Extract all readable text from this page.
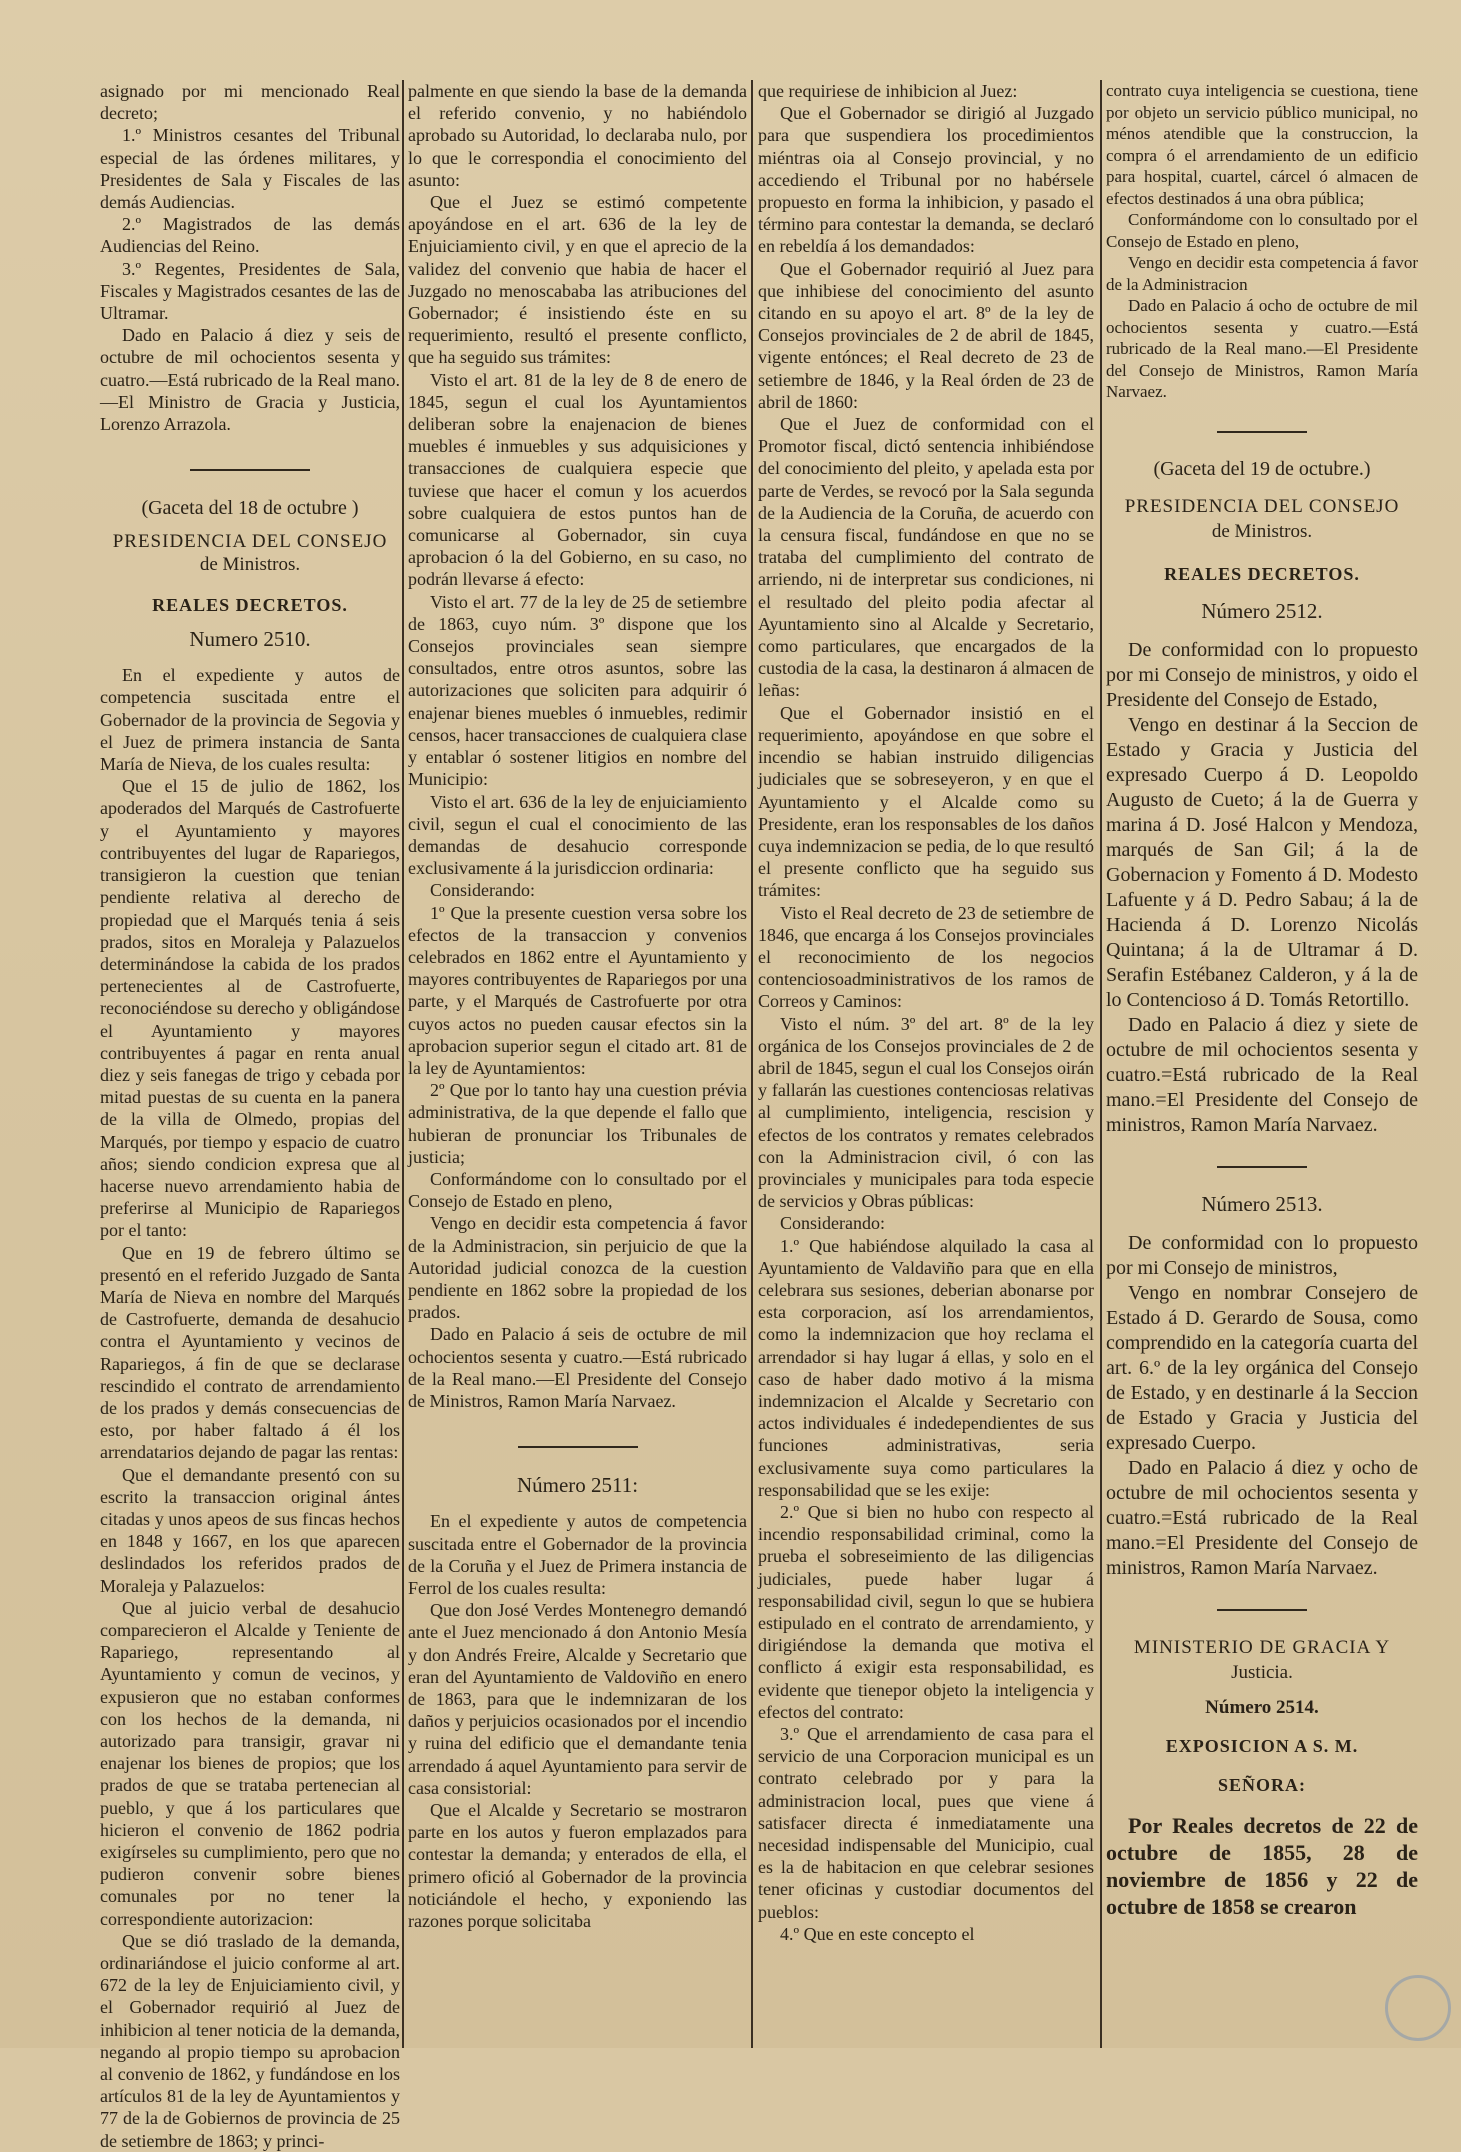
asignado por mi mencionado Real decreto;

1.º Ministros cesantes del Tribunal especial de las órdenes militares, y Presidentes de Sala y Fiscales de las demás Audiencias.

2.º Magistrados de las demás Audiencias del Reino.

3.º Regentes, Presidentes de Sala, Fiscales y Magistrados cesantes de las de Ultramar.

Dado en Palacio á diez y seis de octubre de mil ochocientos sesenta y cuatro.—Está rubricado de la Real mano.—El Ministro de Gracia y Justicia, Lorenzo Arrazola.

(Gaceta del 18 de octubre )
PRESIDENCIA DEL CONSEJO
de Ministros.
REALES DECRETOS.
Numero 2510.

En el expediente y autos de competencia suscitada entre el Gobernador de la provincia de Segovia y el Juez de primera instancia de Santa María de Nieva, de los cuales resulta:

Que el 15 de julio de 1862, los apoderados del Marqués de Castrofuerte y el Ayuntamiento y mayores contribuyentes del lugar de Rapariegos, transigieron la cuestion que tenian pendiente relativa al derecho de propiedad que el Marqués tenia á seis prados, sitos en Moraleja y Palazuelos determinándose la cabida de los prados pertenecientes al de Castrofuerte, reconociéndose su derecho y obligándose el Ayuntamiento y mayores contribuyentes á pagar en renta anual diez y seis fanegas de trigo y cebada por mitad puestas de su cuenta en la panera de la villa de Olmedo, propias del Marqués, por tiempo y espacio de cuatro años; siendo condicion expresa que al hacerse nuevo arrendamiento habia de preferirse al Municipio de Rapariegos por el tanto:

Que en 19 de febrero último se presentó en el referido Juzgado de Santa María de Nieva en nombre del Marqués de Castrofuerte, demanda de desahucio contra el Ayuntamiento y vecinos de Rapariegos, á fin de que se declarase rescindido el contrato de arrendamiento de los prados y demás consecuencias de esto, por haber faltado á él los arrendatarios dejando de pagar las rentas:

Que el demandante presentó con su escrito la transaccion original ántes citadas y unos apeos de sus fincas hechos en 1848 y 1667, en los que aparecen deslindados los referidos prados de Moraleja y Palazuelos:

Que al juicio verbal de desahucio comparecieron el Alcalde y Teniente de Rapariego, representando al Ayuntamiento y comun de vecinos, y expusieron que no estaban conformes con los hechos de la demanda, ni autorizado para transigir, gravar ni enajenar los bienes de propios; que los prados de que se trataba pertenecian al pueblo, y que á los particulares que hicieron el convenio de 1862 podria exigírseles su cumplimiento, pero que no pudieron convenir sobre bienes comunales por no tener la correspondiente autorizacion:

Que se dió traslado de la demanda, ordinariándose el juicio conforme al art. 672 de la ley de Enjuiciamiento civil, y el Gobernador requirió al Juez de inhibicion al tener noticia de la demanda, negando al propio tiempo su aprobacion al convenio de 1862, y fundándose en los artículos 81 de la ley de Ayuntamientos y 77 de la de Gobiernos de provincia de 25 de setiembre de 1863; y princi-

palmente en que siendo la base de la demanda el referido convenio, y no habiéndolo aprobado su Autoridad, lo declaraba nulo, por lo que le correspondia el conocimiento del asunto:

Que el Juez se estimó competente apoyándose en el art. 636 de la ley de Enjuiciamiento civil, y en que el aprecio de la validez del convenio que habia de hacer el Juzgado no menoscababa las atribuciones del Gobernador; é insistiendo éste en su requerimiento, resultó el presente conflicto, que ha seguido sus trámites:

Visto el art. 81 de la ley de 8 de enero de 1845, segun el cual los Ayuntamientos deliberan sobre la enajenacion de bienes muebles é inmuebles y sus adquisiciones y transacciones de cualquiera especie que tuviese que hacer el comun y los acuerdos sobre cualquiera de estos puntos han de comunicarse al Gobernador, sin cuya aprobacion ó la del Gobierno, en su caso, no podrán llevarse á efecto:

Visto el art. 77 de la ley de 25 de setiembre de 1863, cuyo núm. 3º dispone que los Consejos provinciales sean siempre consultados, entre otros asuntos, sobre las autorizaciones que soliciten para adquirir ó enajenar bienes muebles ó inmuebles, redimir censos, hacer transacciones de cualquiera clase y entablar ó sostener litigios en nombre del Municipio:

Visto el art. 636 de la ley de enjuiciamiento civil, segun el cual el conocimiento de las demandas de desahucio corresponde exclusivamente á la jurisdiccion ordinaria:

Considerando:

1º Que la presente cuestion versa sobre los efectos de la transaccion y convenios celebrados en 1862 entre el Ayuntamiento y mayores contribuyentes de Rapariegos por una parte, y el Marqués de Castrofuerte por otra cuyos actos no pueden causar efectos sin la aprobacion superior segun el citado art. 81 de la ley de Ayuntamientos:

2º Que por lo tanto hay una cuestion prévia administrativa, de la que depende el fallo que hubieran de pronunciar los Tribunales de justicia;

Conformándome con lo consultado por el Consejo de Estado en pleno,

Vengo en decidir esta competencia á favor de la Administracion, sin perjuicio de que la Autoridad judicial conozca de la cuestion pendiente en 1862 sobre la propiedad de los prados.

Dado en Palacio á seis de octubre de mil ochocientos sesenta y cuatro.—Está rubricado de la Real mano.—El Presidente del Consejo de Ministros, Ramon María Narvaez.

Número 2511:

En el expediente y autos de competencia suscitada entre el Gobernador de la provincia de la Coruña y el Juez de Primera instancia de Ferrol de los cuales resulta:

Que don José Verdes Montenegro demandó ante el Juez mencionado á don Antonio Mesía y don Andrés Freire, Alcalde y Secretario que eran del Ayuntamiento de Valdoviño en enero de 1863, para que le indemnizaran de los daños y perjuicios ocasionados por el incendio y ruina del edificio que el demandante tenia arrendado á aquel Ayuntamiento para servir de casa consistorial:

Que el Alcalde y Secretario se mostraron parte en los autos y fueron emplazados para contestar la demanda; y enterados de ella, el primero ofició al Gobernador de la provincia noticiándole el hecho, y exponiendo las razones porque solicitaba

que requiriese de inhibicion al Juez:

Que el Gobernador se dirigió al Juzgado para que suspendiera los procedimientos miéntras oia al Consejo provincial, y no accediendo el Tribunal por no habérsele propuesto en forma la inhibicion, y pasado el término para contestar la demanda, se declaró en rebeldía á los demandados:

Que el Gobernador requirió al Juez para que inhibiese del conocimiento del asunto citando en su apoyo el art. 8º de la ley de Consejos provinciales de 2 de abril de 1845, vigente entónces; el Real decreto de 23 de setiembre de 1846, y la Real órden de 23 de abril de 1860:

Que el Juez de conformidad con el Promotor fiscal, dictó sentencia inhibiéndose del conocimiento del pleito, y apelada esta por parte de Verdes, se revocó por la Sala segunda de la Audiencia de la Coruña, de acuerdo con la censura fiscal, fundándose en que no se trataba del cumplimiento del contrato de arriendo, ni de interpretar sus condiciones, ni el resultado del pleito podia afectar al Ayuntamiento sino al Alcalde y Secretario, como particulares, que encargados de la custodia de la casa, la destinaron á almacen de leñas:

Que el Gobernador insistió en el requerimiento, apoyándose en que sobre el incendio se habian instruido diligencias judiciales que se sobreseyeron, y en que el Ayuntamiento y el Alcalde como su Presidente, eran los responsables de los daños cuya indemnizacion se pedia, de lo que resultó el presente conflicto que ha seguido sus trámites:

Visto el Real decreto de 23 de setiembre de 1846, que encarga á los Consejos provinciales el reconocimiento de los negocios contenciosoadministrativos de los ramos de Correos y Caminos:

Visto el núm. 3º del art. 8º de la ley orgánica de los Consejos provinciales de 2 de abril de 1845, segun el cual los Consejos oirán y fallarán las cuestiones contenciosas relativas al cumplimiento, inteligencia, rescision y efectos de los contratos y remates celebrados con la Administracion civil, ó con las provinciales y municipales para toda especie de servicios y Obras públicas:

Considerando:

1.º Que habiéndose alquilado la casa al Ayuntamiento de Valdaviño para que en ella celebrara sus sesiones, deberian abonarse por esta corporacion, así los arrendamientos, como la indemnizacion que hoy reclama el arrendador si hay lugar á ellas, y solo en el caso de haber dado motivo á la misma indemnizacion el Alcalde y Secretario con actos individuales é indedependientes de sus funciones administrativas, seria exclusivamente suya como particulares la responsabilidad que se les exije:

2.º Que si bien no hubo con respecto al incendio responsabilidad criminal, como la prueba el sobreseimiento de las diligencias judiciales, puede haber lugar á responsabilidad civil, segun lo que se hubiera estipulado en el contrato de arrendamiento, y dirigiéndose la demanda que motiva el conflicto á exigir esta responsabilidad, es evidente que tienepor objeto la inteligencia y efectos del contrato:

3.º Que el arrendamiento de casa para el servicio de una Corporacion municipal es un contrato celebrado por y para la administracion local, pues que viene á satisfacer directa é inmediatamente una necesidad indispensable del Municipio, cual es la de habitacion en que celebrar sesiones tener oficinas y custodiar documentos del pueblos:

4.º Que en este concepto el

contrato cuya inteligencia se cuestiona, tiene por objeto un servicio público municipal, no ménos atendible que la construccion, la compra ó el arrendamiento de un edificio para hospital, cuartel, cárcel ó almacen de efectos destinados á una obra pública;

Conformándome con lo consultado por el Consejo de Estado en pleno,

Vengo en decidir esta competencia á favor de la Administracion

Dado en Palacio á ocho de octubre de mil ochocientos sesenta y cuatro.—Está rubricado de la Real mano.—El Presidente del Consejo de Ministros, Ramon María Narvaez.

(Gaceta del 19 de octubre.)
PRESIDENCIA DEL CONSEJO
de Ministros.
REALES DECRETOS.
Número 2512.

De conformidad con lo propuesto por mi Consejo de ministros, y oido el Presidente del Consejo de Estado,

Vengo en destinar á la Seccion de Estado y Gracia y Justicia del expresado Cuerpo á D. Leopoldo Augusto de Cueto; á la de Guerra y marina á D. José Halcon y Mendoza, marqués de San Gil; á la de Gobernacion y Fomento á D. Modesto Lafuente y á D. Pedro Sabau; á la de Hacienda á D. Lorenzo Nicolás Quintana; á la de Ultramar á D. Serafin Estébanez Calderon, y á la de lo Contencioso á D. Tomás Retortillo.

Dado en Palacio á diez y siete de octubre de mil ochocientos sesenta y cuatro.=Está rubricado de la Real mano.=El Presidente del Consejo de ministros, Ramon María Narvaez.

Número 2513.

De conformidad con lo propuesto por mi Consejo de ministros,

Vengo en nombrar Consejero de Estado á D. Gerardo de Sousa, como comprendido en la categoría cuarta del art. 6.º de la ley orgánica del Consejo de Estado, y en destinarle á la Seccion de Estado y Gracia y Justicia del expresado Cuerpo.

Dado en Palacio á diez y ocho de octubre de mil ochocientos sesenta y cuatro.=Está rubricado de la Real mano.=El Presidente del Consejo de ministros, Ramon María Narvaez.

MINISTERIO DE GRACIA Y
Justicia.
Número 2514.
EXPOSICION A S. M.
SEÑORA:

Por Reales decretos de 22 de octubre de 1855, 28 de noviembre de 1856 y 22 de octubre de 1858 se crearon
